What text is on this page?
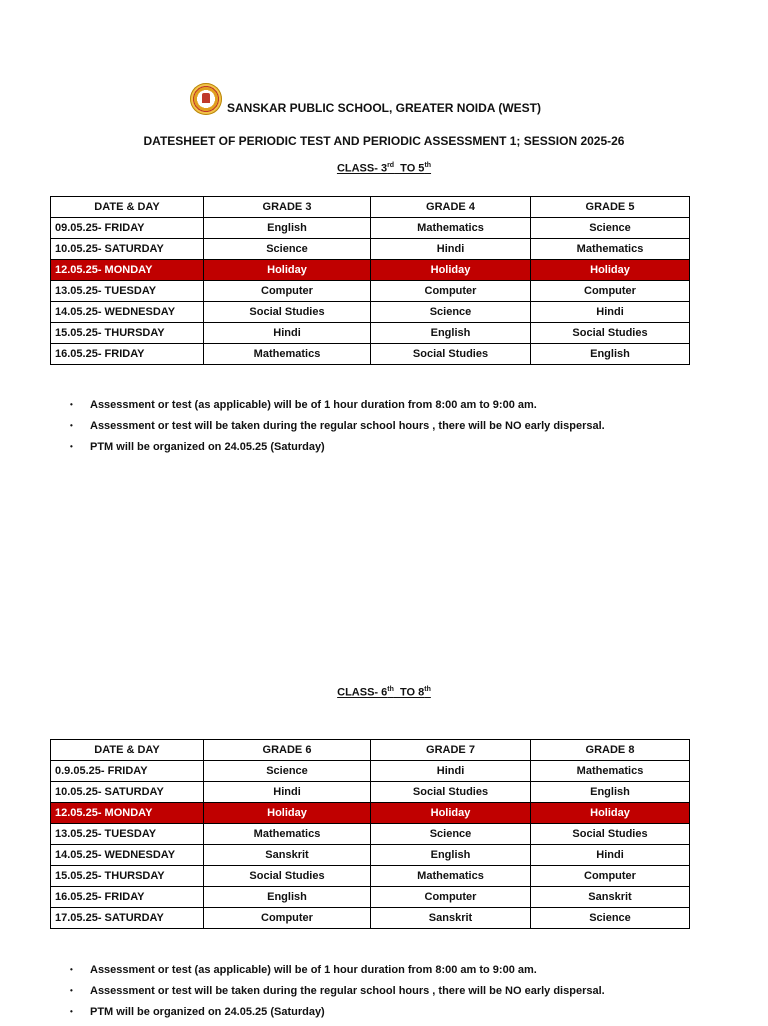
SANSKAR PUBLIC SCHOOL, GREATER NOIDA (WEST)
DATESHEET OF PERIODIC TEST AND PERIODIC ASSESSMENT 1; SESSION 2025-26
CLASS- 3rd  TO 5th
DATE & DAY	GRADE 3	GRADE 4	GRADE 5
09.05.25- FRIDAY	English	Mathematics	Science
10.05.25- SATURDAY	Science	Hindi	Mathematics
12.05.25- MONDAY	Holiday	Holiday	Holiday
13.05.25- TUESDAY	Computer	Computer	Computer
14.05.25- WEDNESDAY	Social Studies	Science	Hindi
15.05.25- THURSDAY	Hindi	English	Social Studies
16.05.25- FRIDAY	Mathematics	Social Studies	English
• Assessment or test (as applicable) will be of 1 hour duration from 8:00 am to 9:00 am.
• Assessment or test will be taken during the regular school hours , there will be NO early dispersal.
• PTM will be organized on 24.05.25 (Saturday)
CLASS- 6th  TO 8th
DATE & DAY	GRADE 6	GRADE 7	GRADE 8
0.9.05.25- FRIDAY	Science	Hindi	Mathematics
10.05.25- SATURDAY	Hindi	Social Studies	English
12.05.25- MONDAY	Holiday	Holiday	Holiday
13.05.25- TUESDAY	Mathematics	Science	Social Studies
14.05.25- WEDNESDAY	Sanskrit	English	Hindi
15.05.25- THURSDAY	Social Studies	Mathematics	Computer
16.05.25- FRIDAY	English	Computer	Sanskrit
17.05.25- SATURDAY	Computer	Sanskrit	Science
• Assessment or test (as applicable) will be of 1 hour duration from 8:00 am to 9:00 am.
• Assessment or test will be taken during the regular school hours , there will be NO early dispersal.
• PTM will be organized on 24.05.25 (Saturday)
